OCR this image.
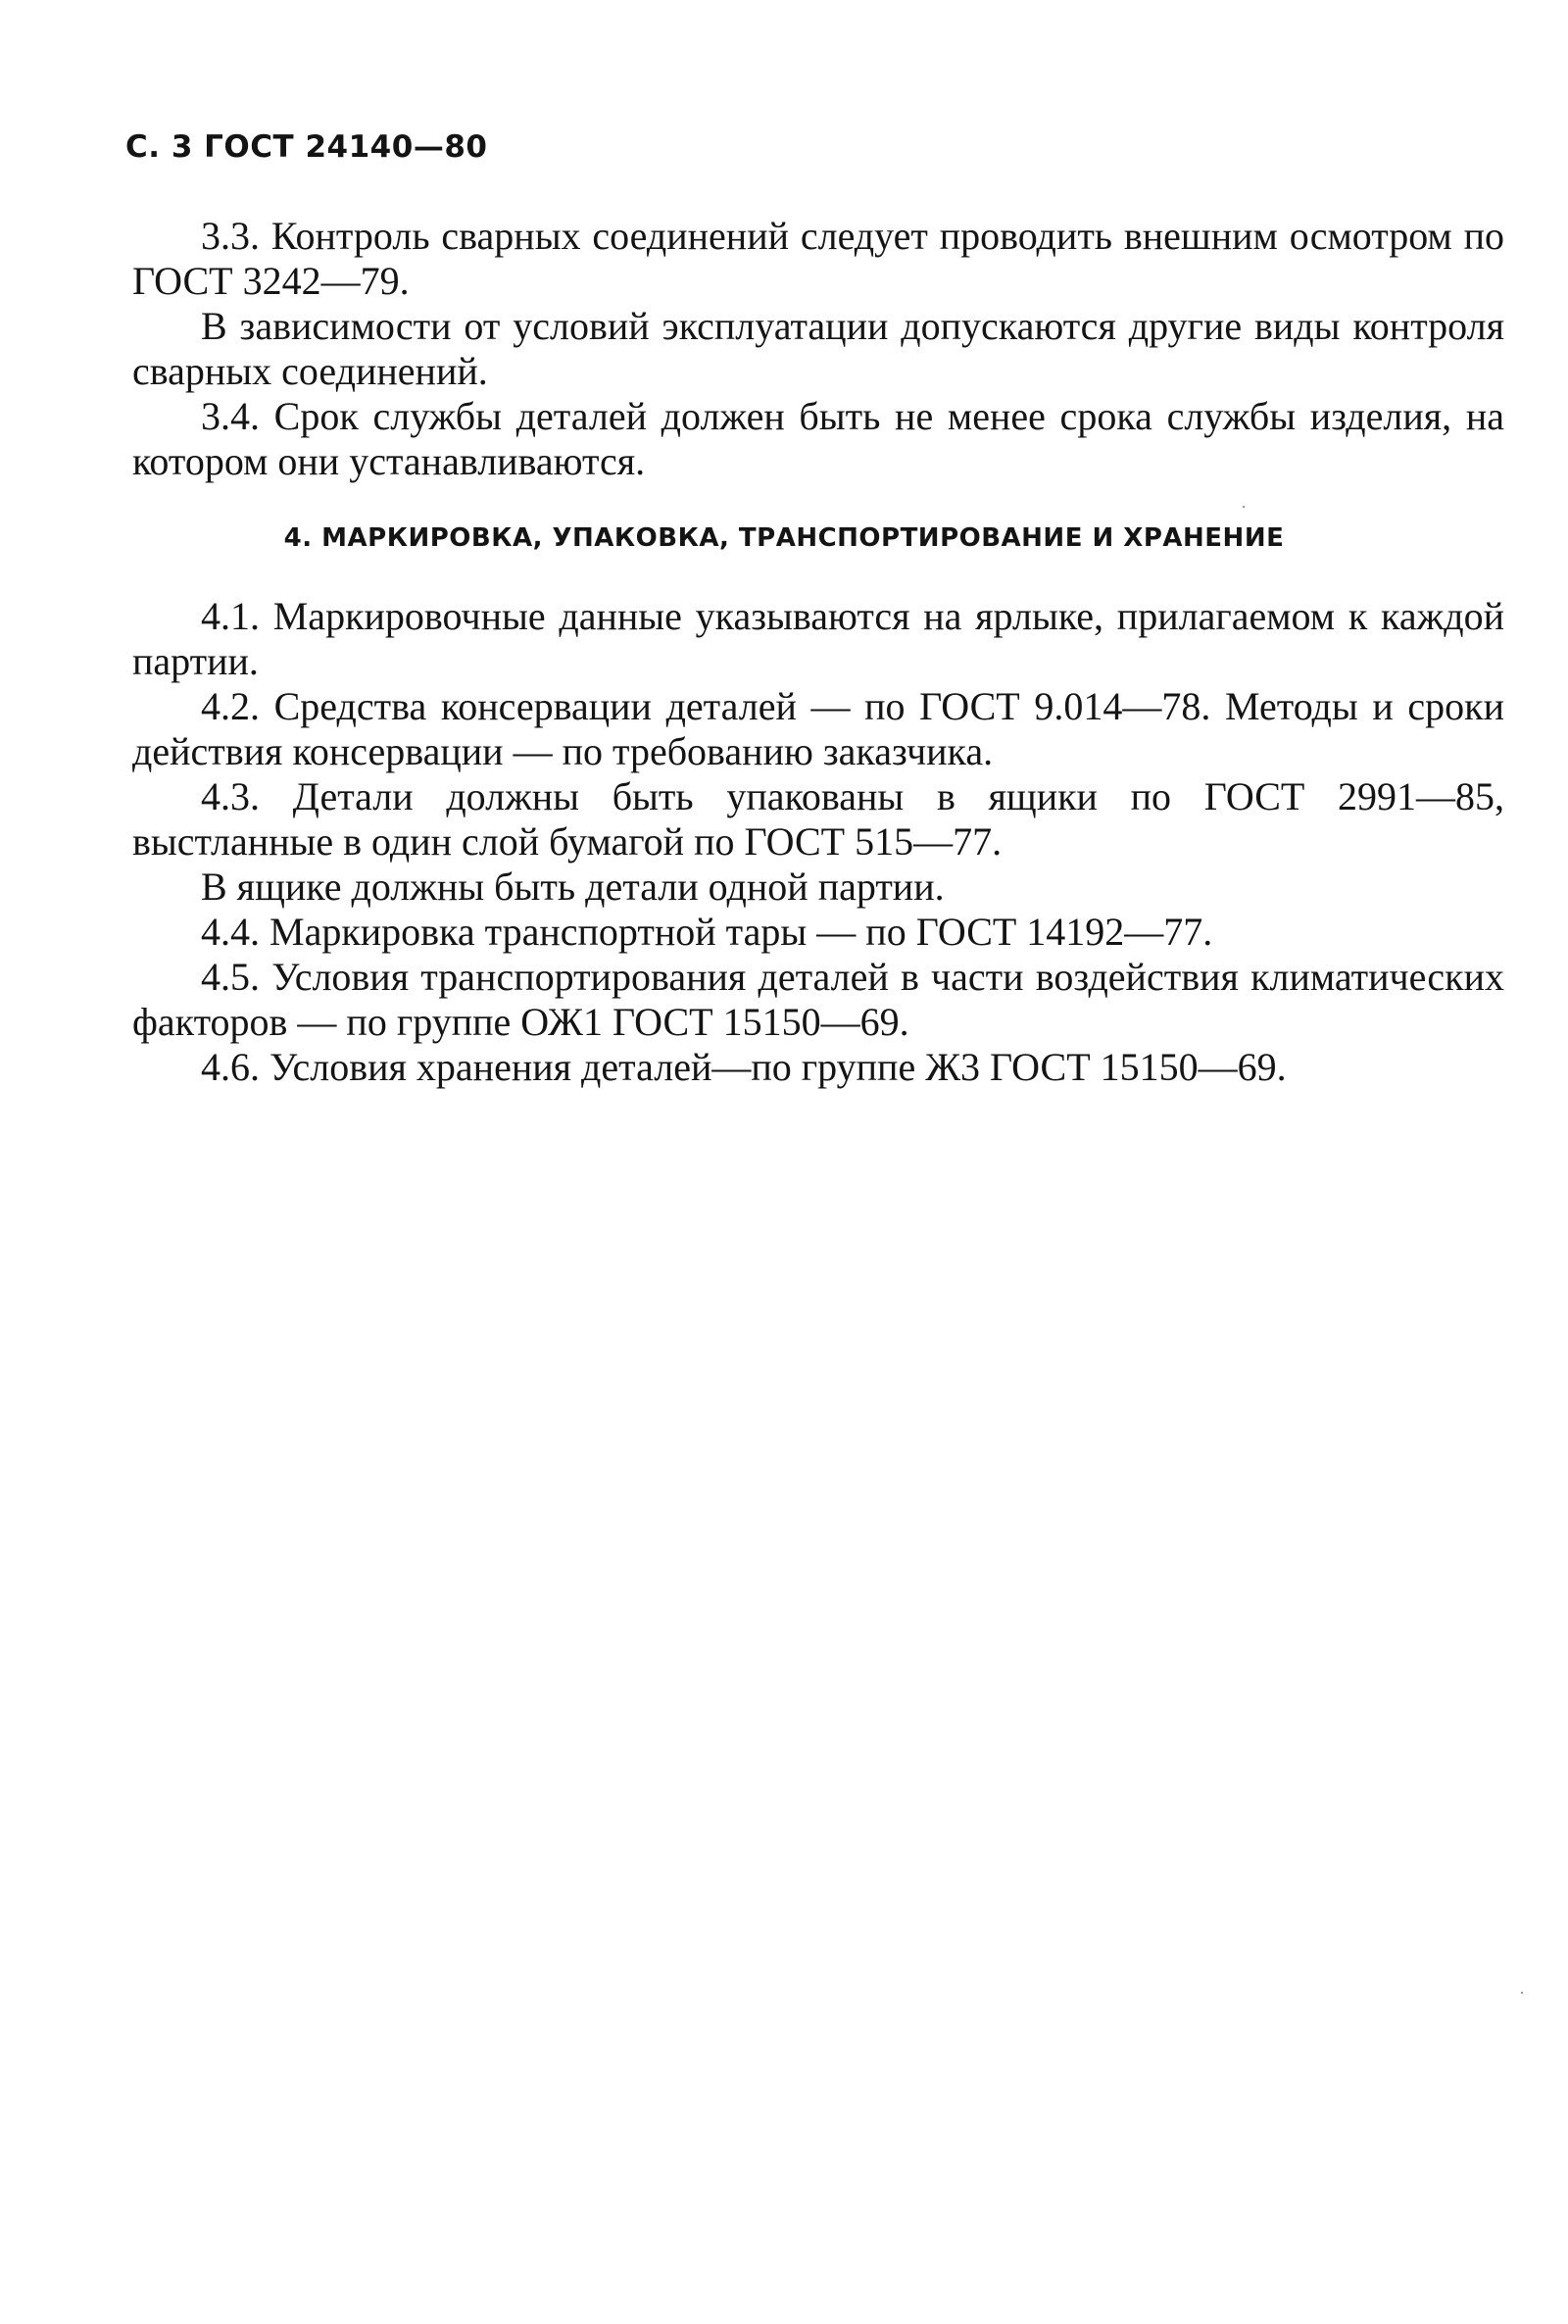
С. 3 ГОСТ 24140—80

3.3. Контроль сварных соединений следует проводить внешним осмотром по ГОСТ 3242—79.

В зависимости от условий эксплуатации допускаются другие виды контроля сварных соединений.

3.4. Срок службы деталей должен быть не менее срока службы изделия, на котором они устанавливаются.

4. МАРКИРОВКА, УПАКОВКА, ТРАНСПОРТИРОВАНИЕ И ХРАНЕНИЕ

4.1. Маркировочные данные указываются на ярлыке, прилагаемом к каждой партии.

4.2. Средства консервации деталей — по ГОСТ 9.014—78. Методы и сроки действия консервации — по требованию заказчика.

4.3. Детали должны быть упакованы в ящики по ГОСТ 2991—85, выстланные в один слой бумагой по ГОСТ 515—77.

В ящике должны быть детали одной партии.

4.4. Маркировка транспортной тары — по ГОСТ 14192—77.

4.5. Условия транспортирования деталей в части воздействия климатических факторов — по группе ОЖ1 ГОСТ 15150—69.

4.6. Условия хранения деталей—по группе Ж3 ГОСТ 15150—69.
